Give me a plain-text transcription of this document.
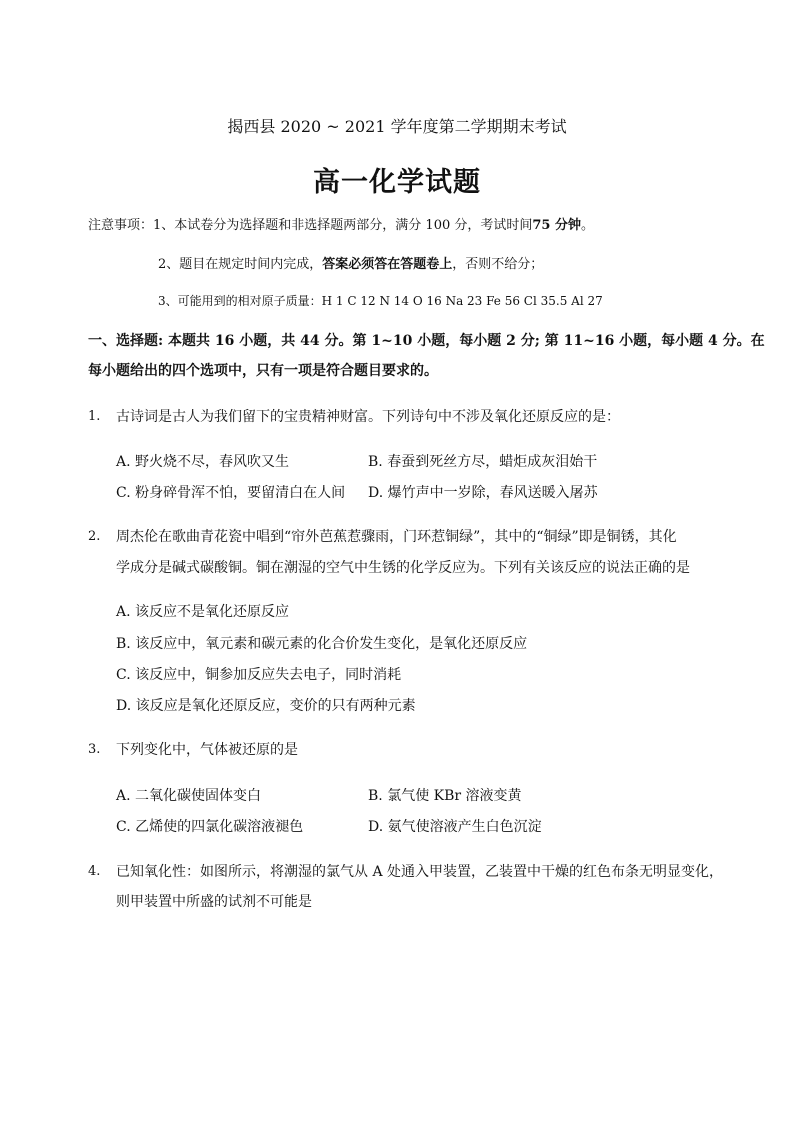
揭西县 2020 ~ 2021 学年度第二学期期末考试
高一化学试题
注意事项：1、本试卷分为选择题和非选择题两部分，满分 100 分，考试时间75 分钟。
2、题目在规定时间内完成，答案必须答在答题卷上，否则不给分；
3、可能用到的相对原子质量：H 1 C 12 N 14 O 16 Na 23 Fe 56 Cl 35.5 Al 27
一、选择题: 本题共 16 小题，共 44 分。第 1~10 小题，每小题 2 分; 第 11~16 小题，每小题 4 分。在
每小题给出的四个选项中，只有一项是符合题目要求的。
1. 古诗词是古人为我们留下的宝贵精神财富。下列诗句中不涉及氧化还原反应的是：
A. 野火烧不尽，春风吹又生	B. 春蚕到死丝方尽，蜡炬成灰泪始干
C. 粉身碎骨浑不怕，要留清白在人间 D. 爆竹声中一岁除，春风送暖入屠苏
2. 周杰伦在歌曲青花瓷中唱到“帘外芭蕉惹骤雨，门环惹铜绿”，其中的“铜绿”即是铜锈，其化
学成分是碱式碳酸铜。铜在潮湿的空气中生锈的化学反应为。下列有关该反应的说法正确的是
A. 该反应不是氧化还原反应
B. 该反应中，氧元素和碳元素的化合价发生变化，是氧化还原反应
C. 该反应中，铜参加反应失去电子，同时消耗
D. 该反应是氧化还原反应，变价的只有两种元素
3. 下列变化中，气体被还原的是
A. 二氧化碳使固体变白	B. 氯气使 KBr 溶液变黄
C. 乙烯使的四氯化碳溶液褪色	D. 氨气使溶液产生白色沉淀
4. 已知氧化性：如图所示，将潮湿的氯气从 A 处通入甲装置，乙装置中干燥的红色布条无明显变化，
则甲装置中所盛的试剂不可能是
